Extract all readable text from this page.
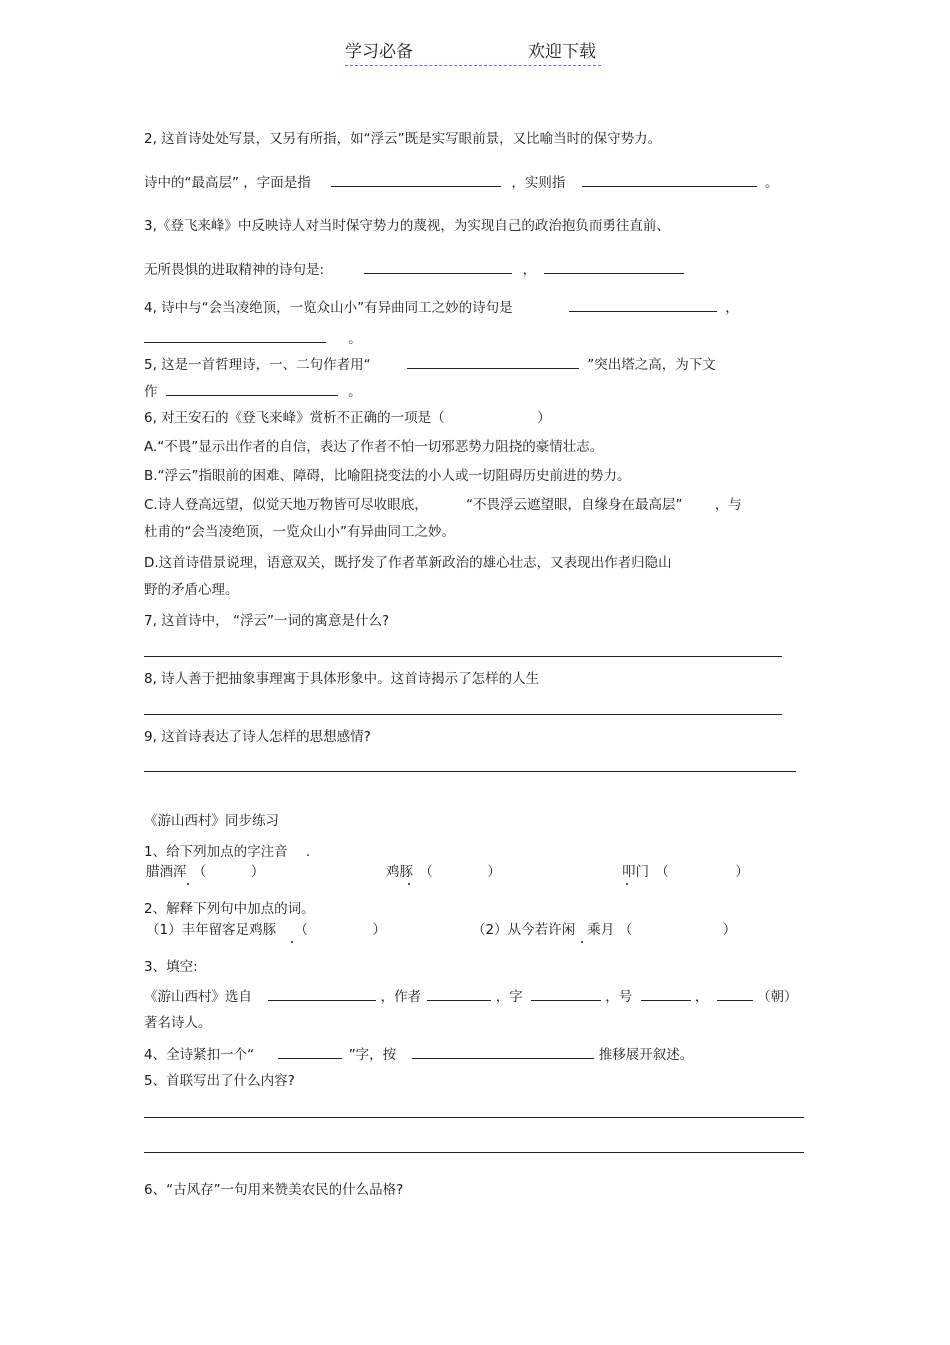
学习必备	欢迎下载
2, 这首诗处处写景，又另有所指，如“浮云”既是实写眼前景，又比喻当时的保守势力。
诗中的“最高层” ，字面是指	，实则指	。
3,《登飞来峰》中反映诗人对当时保守势力的蔑视，为实现自己的政治抱负而勇往直前、
无所畏惧的进取精神的诗句是:	，
4, 诗中与“会当凌绝顶，一览众山小”有异曲同工之妙的诗句是	，
。
5, 这是一首哲理诗，一、二句作者用“	”突出塔之高，为下文
作	。
6, 对王安石的《登飞来峰》赏析不正确的一项是（	）
A.“不畏”显示出作者的自信，表达了作者不怕一切邪恶势力阻挠的豪情壮志。
B.“浮云”指眼前的困难、障碍，比喻阻挠变法的小人或一切阻碍历史前进的势力。
C.诗人登高远望，似觉天地万物皆可尽收眼底，	“不畏浮云遮望眼，自缘身在最高层” ，与
杜甫的“会当凌绝顶，一览众山小”有异曲同工之妙。
D.这首诗借景说理，语意双关，既抒发了作者革新政治的雄心壮志，又表现出作者归隐山
野的矛盾心理。
7, 这首诗中， “浮云”一词的寓意是什么?
8, 诗人善于把抽象事理寓于具体形象中。这首诗揭示了怎样的人生
9, 这首诗表达了诗人怎样的思想感情?
《游山西村》同步练习
1、给下列加点的字注音 .
腊酒浑 （	）	鸡豚 （	）	叩门 （	）
2、解释下列句中加点的词。
（1）丰年留客足鸡豚 （	）	（2）从今若许闲 乘月 （	）
3、填空:
《游山西村》选自	，作者	，字	，号	，	（朝）
著名诗人。
4、全诗紧扣一个“	”字，按	推移展开叙述。
5、首联写出了什么内容?
6、“古风存”一句用来赞美农民的什么品格?
